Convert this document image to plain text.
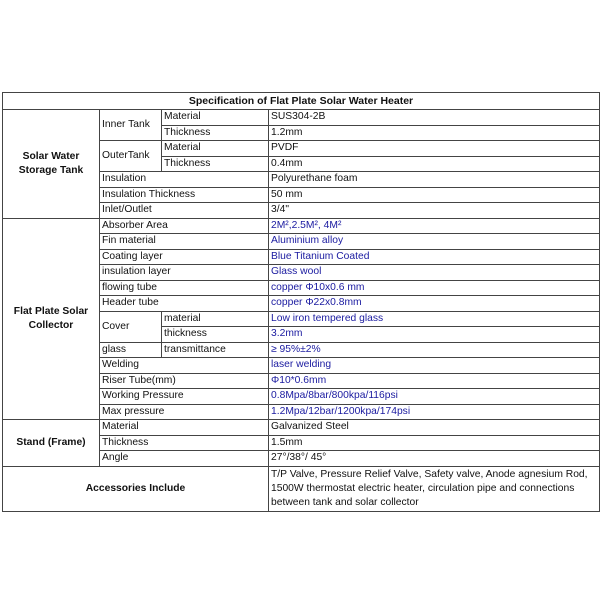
Specification of Flat Plate Solar Water Heater			
Solar Water Storage Tank	Inner Tank	Material	SUS304-2B
		Thickness	1.2mm
	OuterTank	Material	PVDF
		Thickness	0.4mm
	Insulation		Polyurethane foam
	Insulation Thickness		50 mm
	Inlet/Outlet		3/4"
Flat Plate Solar Collector	Absorber Area		2M²,2.5M², 4M²
	Fin material		Aluminium alloy
	Coating layer		Blue Titanium Coated
	insulation layer		Glass wool
	flowing tube		copper Φ10x0.6 mm
	Header tube		copper Φ22x0.8mm
	Cover	material	Low iron tempered glass
		thickness	3.2mm
	glass	transmittance	≥ 95%±2%
	Welding		laser welding
	Riser Tube(mm)		Φ10*0.6mm
	Working Pressure		0.8Mpa/8bar/800kpa/116psi
	Max pressure		1.2Mpa/12bar/1200kpa/174psi
Stand (Frame)	Material		Galvanized Steel
	Thickness		1.5mm
	Angle		27°/38°/ 45°
Accessories Include			T/P Valve, Pressure Relief Valve, Safety valve, Anode agnesium Rod, 1500W thermostat electric heater, circulation pipe and connections between tank and solar collector
